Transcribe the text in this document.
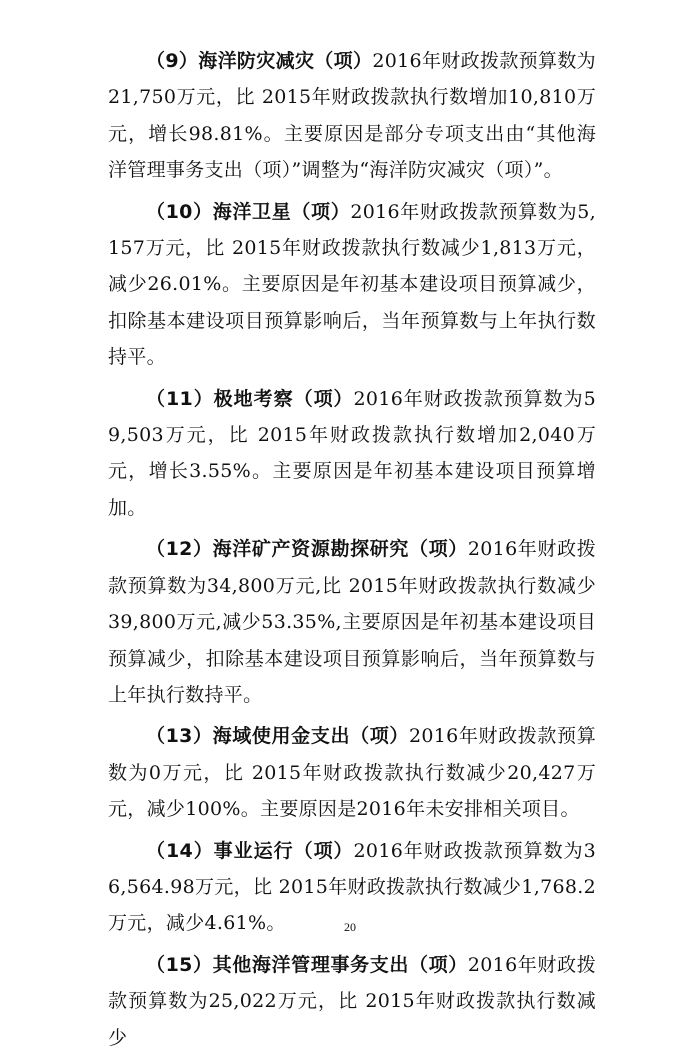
（9）海洋防灾减灾（项）2016年财政拨款预算数为21,750万元，比 2015年财政拨款执行数增加10,810万元，增长98.81%。主要原因是部分专项支出由“其他海洋管理事务支出（项）”调整为“海洋防灾减灾（项）”。

（10）海洋卫星（项）2016年财政拨款预算数为5,157万元，比 2015年财政拨款执行数减少1,813万元，减少26.01%。主要原因是年初基本建设项目预算减少，扣除基本建设项目预算影响后，当年预算数与上年执行数持平。

（11）极地考察（项）2016年财政拨款预算数为59,503万元，比 2015年财政拨款执行数增加2,040万元，增长3.55%。主要原因是年初基本建设项目预算增加。

（12）海洋矿产资源勘探研究（项）2016年财政拨款预算数为34,800万元,比 2015年财政拨款执行数减少39,800万元,减少53.35%,主要原因是年初基本建设项目预算减少，扣除基本建设项目预算影响后，当年预算数与上年执行数持平。

（13）海域使用金支出（项）2016年财政拨款预算数为0万元，比 2015年财政拨款执行数减少20,427万元，减少100%。主要原因是2016年未安排相关项目。

（14）事业运行（项）2016年财政拨款预算数为36,564.98万元，比 2015年财政拨款执行数减少1,768.2万元，减少4.61%。

（15）其他海洋管理事务支出（项）2016年财政拨款预算数为25,022万元，比 2015年财政拨款执行数减少

20
